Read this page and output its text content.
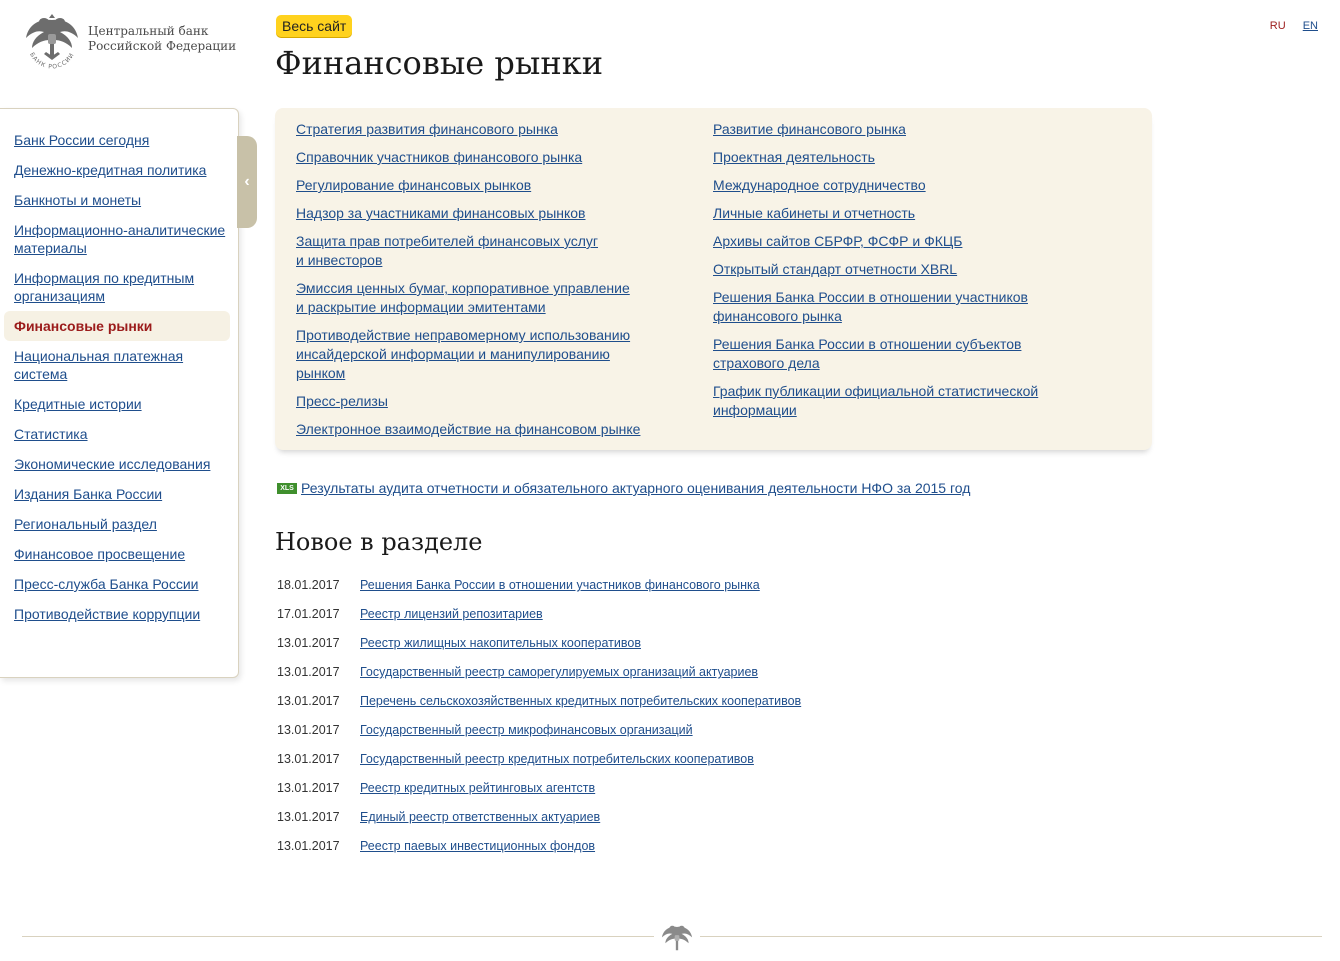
БАНК РОССИИ
Центральный банк
Российской Федерации
RU EN
Весь сайт
Финансовые рынки
Банк России сегодня
Денежно-кредитная политика
Банкноты и монеты
Информационно-аналитические материалы
Информация по кредитным организациям
Финансовые рынки
Национальная платежная система
Кредитные истории
Статистика
Экономические исследования
Издания Банка России
Региональный раздел
Финансовое просвещение
Пресс-служба Банка России
Противодействие коррупции
‹
Стратегия развития финансового рынка
Справочник участников финансового рынка
Регулирование финансовых рынков
Надзор за участниками финансовых рынков
Защита прав потребителей финансовых услуг и инвесторов
Эмиссия ценных бумаг, корпоративное управление и раскрытие информации эмитентами
Противодействие неправомерному использованию инсайдерской информации и манипулированию рынком
Пресс-релизы
Электронное взаимодействие на финансовом рынке
Развитие финансового рынка
Проектная деятельность
Международное сотрудничество
Личные кабинеты и отчетность
Архивы сайтов СБРФР, ФСФР и ФКЦБ
Открытый стандарт отчетности XBRL
Решения Банка России в отношении участников финансового рынка
Решения Банка России в отношении субъектов страхового дела
График публикации официальной статистической информации
XLS Результаты аудита отчетности и обязательного актуарного оценивания деятельности НФО за 2015 год
Новое в разделе
18.01.2017	Решения Банка России в отношении участников финансового рынка
17.01.2017	Реестр лицензий репозитариев
13.01.2017	Реестр жилищных накопительных кооперативов
13.01.2017	Государственный реестр саморегулируемых организаций актуариев
13.01.2017	Перечень сельскохозяйственных кредитных потребительских кооперативов
13.01.2017	Государственный реестр микрофинансовых организаций
13.01.2017	Государственный реестр кредитных потребительских кооперативов
13.01.2017	Реестр кредитных рейтинговых агентств
13.01.2017	Единый реестр ответственных актуариев
13.01.2017	Реестр паевых инвестиционных фондов
